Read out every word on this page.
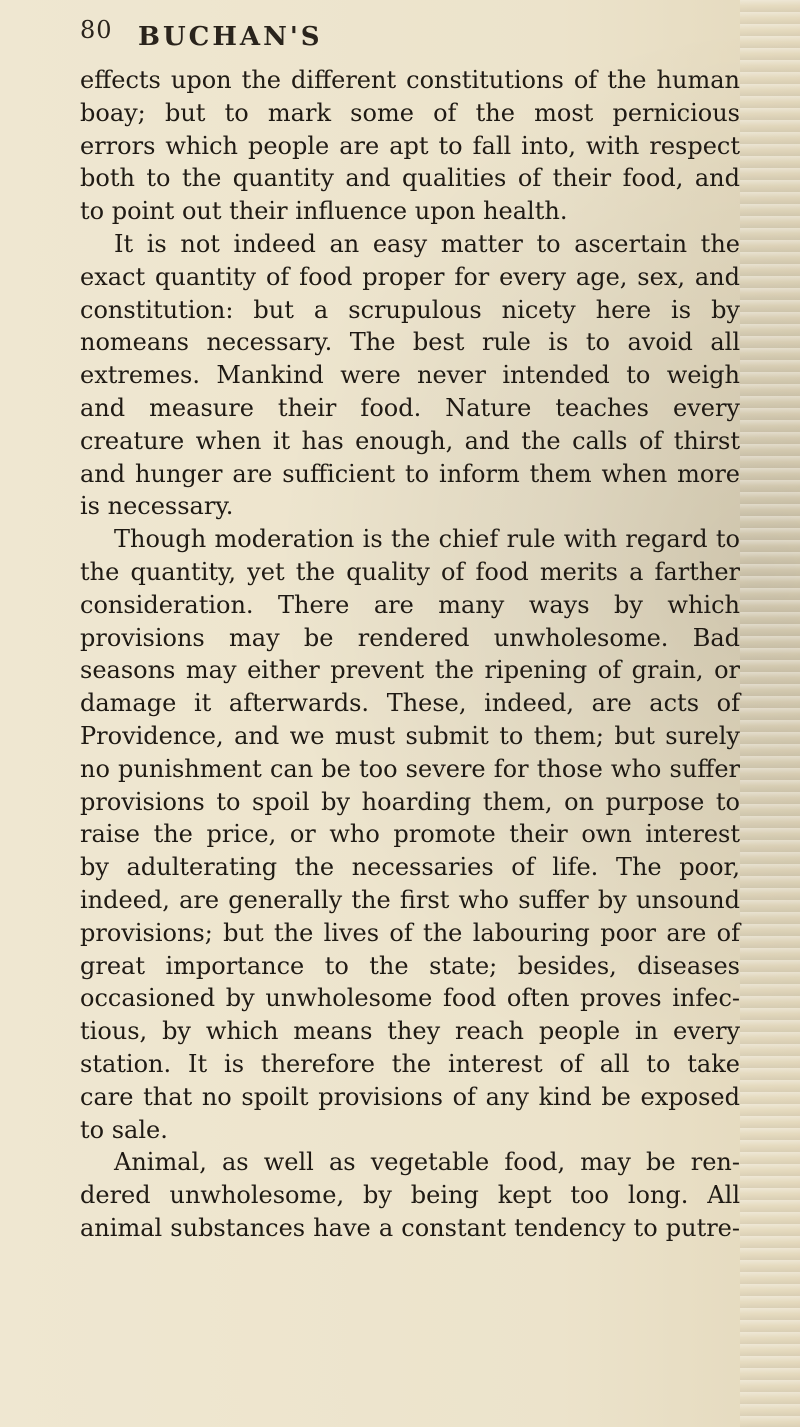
80 BUCHAN'S
effects upon the different constitutions of the human
boay; but to mark some of the most pernicious
errors which people are apt to fall into, with respect
both to the quantity and qualities of their food, and
to point out their influence upon health.
It is not indeed an easy matter to ascertain the
exact quantity of food proper for every age, sex, and
constitution: but a scrupulous nicety here is by
nomeans necessary. The best rule is to avoid all
extremes. Mankind were never intended to weigh
and measure their food. Nature teaches every
creature when it has enough, and the calls of thirst
and hunger are sufficient to inform them when more
is necessary.
Though moderation is the chief rule with regard to
the quantity, yet the quality of food merits a farther
consideration. There are many ways by which
provisions may be rendered unwholesome. Bad
seasons may either prevent the ripening of grain, or
damage it afterwards. These, indeed, are acts of
Providence, and we must submit to them; but surely
no punishment can be too severe for those who suffer
provisions to spoil by hoarding them, on purpose to
raise the price, or who promote their own interest
by adulterating the necessaries of life. The poor,
indeed, are generally the first who suffer by unsound
provisions; but the lives of the labouring poor are of
great importance to the state; besides, diseases
occasioned by unwholesome food often proves infec-
tious, by which means they reach people in every
station. It is therefore the interest of all to take
care that no spoilt provisions of any kind be exposed
to sale.
Animal, as well as vegetable food, may be ren-
dered unwholesome, by being kept too long. All
animal substances have a constant tendency to putre-
